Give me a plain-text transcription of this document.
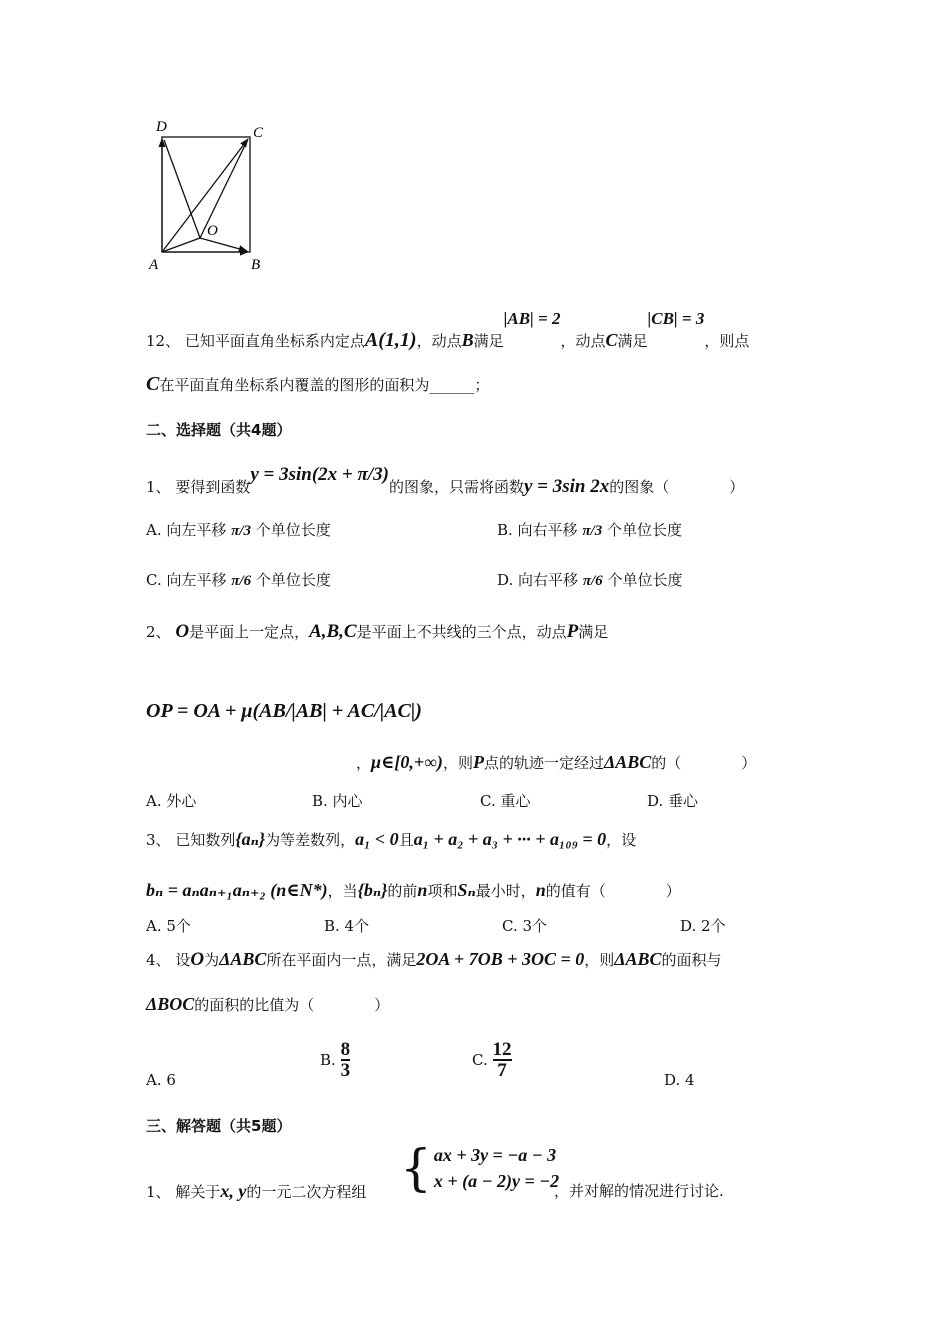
D	C
A	B
O
12、 已知平面直角坐标系内定点A(1,1)，动点B满足|AB| = 2，动点C满足|CB| = 3，则点
C在平面直角坐标系内覆盖的图形的面积为______；
二、选择题（共4题）
1、 要得到函数y = 3sin(2x + π/3)的图象，只需将函数y = 3sin 2x的图象（　　　　）
A. 向左平移 π/3 个单位长度	B. 向右平移 π/3 个单位长度
C. 向左平移 π/6 个单位长度	D. 向右平移 π/6 个单位长度
2、 O是平面上一定点，A,B,C是平面上不共线的三个点，动点P满足
OP = OA + μ(AB/|AB| + AC/|AC|)
，μ∈[0,+∞)，则P点的轨迹一定经过ΔABC的（　　　　）
A. 外心	B. 内心	C. 重心	D. 垂心
3、 已知数列{aₙ}为等差数列，a₁ < 0且a₁ + a₂ + a₃ + ··· + a₁₀₉ = 0，设
bₙ = aₙaₙ₊₁aₙ₊₂ (n∈N*)，当{bₙ}的前n项和Sₙ最小时，n的值有（　　　　）
A. 5个	B. 4个	C. 3个	D. 2个
4、 设O为ΔABC所在平面内一点，满足2OA + 7OB + 3OC = 0，则ΔABC的面积与
ΔBOC的面积的比值为（　　　　）
A. 6
B. $\frac{8}{3}$	C. $\frac{12}{7}$	D. 4
三、解答题（共5题）
1、 解关于x, y的一元二次方程组 { ax + 3y = −a − 3
x + (a − 2)y = −2
，并对解的情况进行讨论.
